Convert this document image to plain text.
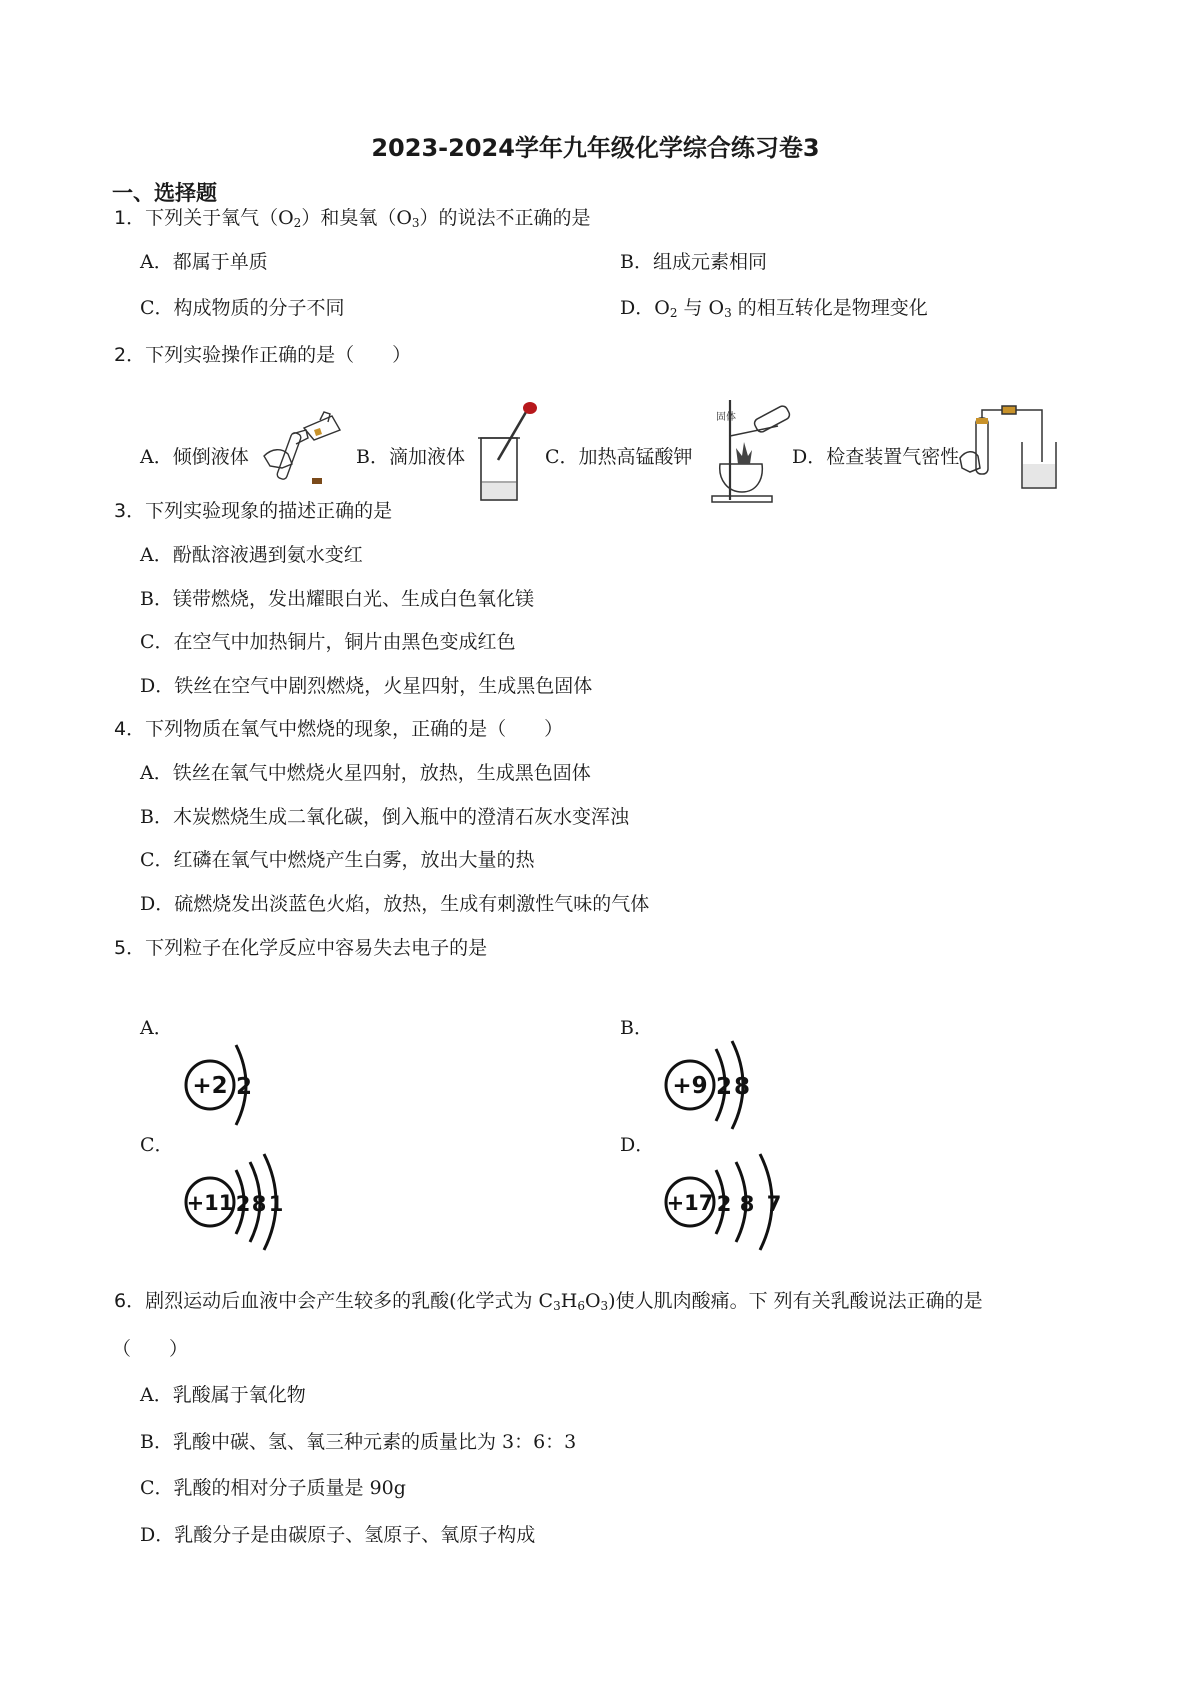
2023-2024学年九年级化学综合练习卷3
一、选择题
1．下列关于氧气$(O_2)$和臭氧$(O_3)$的说法不正确的是
A．都属于单质	B．组成元素相同
C．构成物质的分子不同	D．$O_2$ 与 $O_3$ 的相互转化是物理变化
2．下列实验操作正确的是（　　）
A．倾倒液体	B．滴加液体	C．加热高锰酸钾	D．检查装置气密性
固体
3．下列实验现象的描述正确的是
A．酚酞溶液遇到氨水变红
B．镁带燃烧，发出耀眼白光、生成白色氧化镁
C．在空气中加热铜片，铜片由黑色变成红色
D．铁丝在空气中剧烈燃烧，火星四射，生成黑色固体
4．下列物质在氧气中燃烧的现象，正确的是（　　）
A．铁丝在氧气中燃烧火星四射，放热，生成黑色固体
B．木炭燃烧生成二氧化碳，倒入瓶中的澄清石灰水变浑浊
C．红磷在氧气中燃烧产生白雾，放出大量的热
D．硫燃烧发出淡蓝色火焰，放热，生成有刺激性气味的气体
5．下列粒子在化学反应中容易失去电子的是
A．	B．
C．	D．
+2 2	+9 2 8
+11 2 8 1	+17 2 8 7
6．剧烈运动后血液中会产生较多的乳酸(化学式为 $C_3H_6O_3$)使人肌肉酸痛。下 列有关乳酸说法正确的是
（　　）
A．乳酸属于氧化物
B．乳酸中碳、氢、氧三种元素的质量比为 3：6：3
C．乳酸的相对分子质量是 90g
D．乳酸分子是由碳原子、氢原子、氧原子构成
